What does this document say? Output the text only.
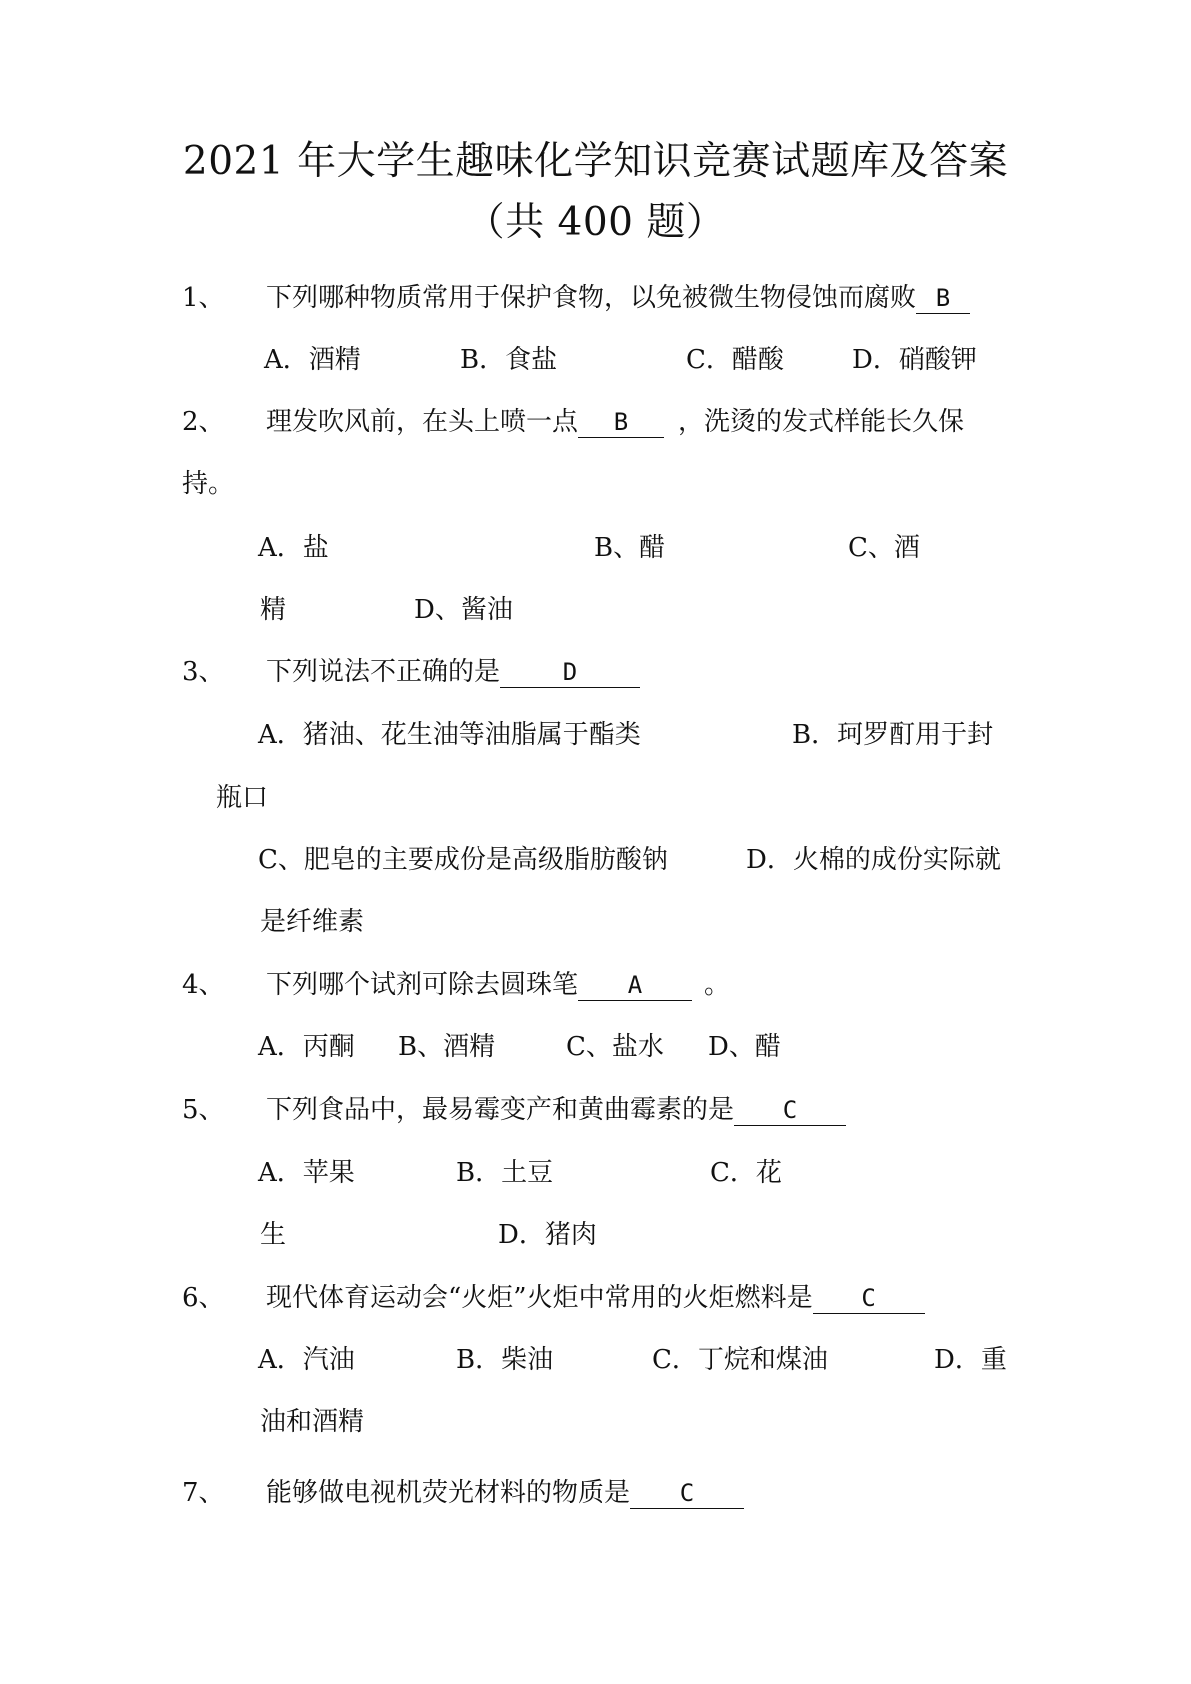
2021 年大学生趣味化学知识竞赛试题库及答案
（共 400 题）
1、 下列哪种物质常用于保护食物，以免被微生物侵蚀而腐败 B
A．酒精	B．食盐	C．醋酸	D．硝酸钾
2、 理发吹风前，在头上喷一点 B ，洗烫的发式样能长久保
持。
A．盐	B、醋	C、酒
精	D、酱油
3、 下列说法不正确的是	D
A．猪油、花生油等油脂属于酯类	B．珂罗酊用于封
瓶口
C、肥皂的主要成份是高级脂肪酸钠	D．火棉的成份实际就
是纤维素
4、 下列哪个试剂可除去圆珠笔 A 。
A．丙酮 B、酒精	C、盐水 D、醋
5、 下列食品中，最易霉变产和黄曲霉素的是 C
A．苹果	B．土豆	C．花
生	D．猪肉
6、 现代体育运动会“火炬”火炬中常用的火炬燃料是 C
A．汽油	B．柴油	C．丁烷和煤油	D．重
油和酒精
7、 能够做电视机荧光材料的物质是 C
